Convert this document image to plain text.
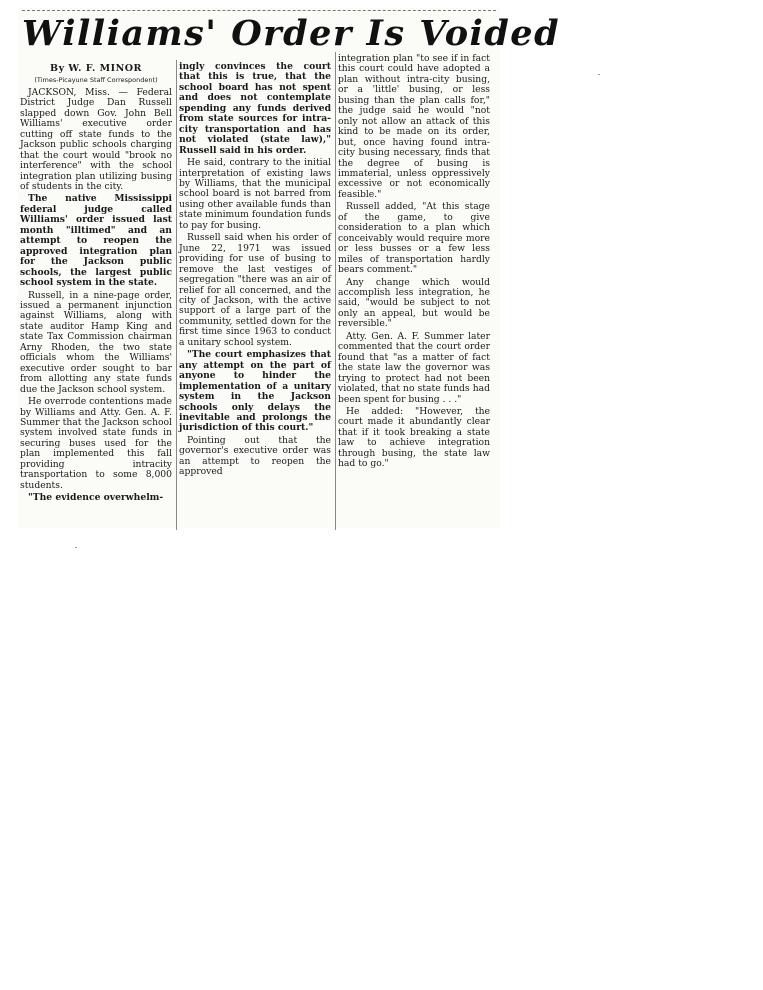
Williams' Order Is Voided
By W. F. MINOR
(Times-Picayune Staff Correspondent)

JACKSON, Miss. — Federal District Judge Dan Russell slapped down Gov. John Bell Williams' executive order cutting off state funds to the Jackson public schools charging that the court would "brook no interference" with the school integration plan utilizing busing of students in the city.

The native Mississippi federal judge called Williams' order issued last month "illtimed" and an attempt to reopen the approved integration plan for the Jackson public schools, the largest public school system in the state.

Russell, in a nine-page order, issued a permanent injunction against Williams, along with state auditor Hamp King and state Tax Commission chairman Arny Rhoden, the two state officials whom the Williams' executive order sought to bar from allotting any state funds due the Jackson school system.

He overrode contentions made by Williams and Atty. Gen. A. F. Summer that the Jackson school system involved state funds in securing buses used for the plan implemented this fall providing intracity transportation to some 8,000 students.

"The evidence overwhelm-

ingly convinces the court that this is true, that the school board has not spent and does not contemplate spending any funds derived from state sources for intra-city transportation and has not violated (state law)," Russell said in his order.

He said, contrary to the initial interpretation of existing laws by Williams, that the municipal school board is not barred from using other available funds than state minimum foundation funds to pay for busing.

Russell said when his order of June 22, 1971 was issued providing for use of busing to remove the last vestiges of segregation "there was an air of relief for all concerned, and the city of Jackson, with the active support of a large part of the community, settled down for the first time since 1963 to conduct a unitary school system.

"The court emphasizes that any attempt on the part of anyone to hinder the implementation of a unitary system in the Jackson schools only delays the inevitable and prolongs the jurisdiction of this court."

Pointing out that the governor's executive order was an attempt to reopen the approved

integration plan "to see if in fact this court could have adopted a plan without intra-city busing, or a 'little' busing, or less busing than the plan calls for," the judge said he would "not only not allow an attack of this kind to be made on its order, but, once having found intra-city busing necessary, finds that the degree of busing is immaterial, unless oppressively excessive or not economically feasible."

Russell added, "At this stage of the game, to give consideration to a plan which conceivably would require more or less busses or a few less miles of transportation hardly bears comment."

Any change which would accomplish less integration, he said, "would be subject to not only an appeal, but would be reversible."

Atty. Gen. A. F. Summer later commented that the court order found that "as a matter of fact the state law the governor was trying to protect had not been violated, that no state funds had been spent for busing . . ."

He added: "However, the court made it abundantly clear that if it took breaking a state law to achieve integration through busing, the state law had to go."
